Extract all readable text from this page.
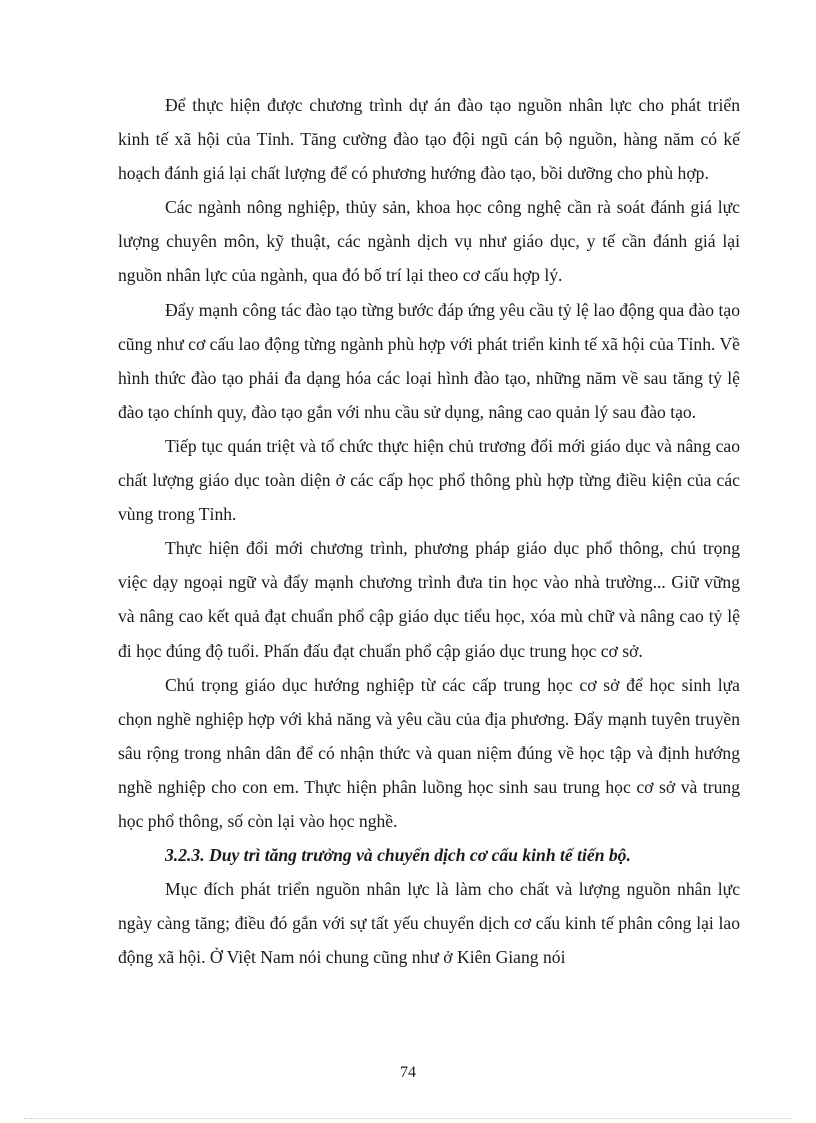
Để thực hiện được chương trình dự án đào tạo nguồn nhân lực cho phát triển kinh tế xã hội của Tỉnh. Tăng cường đào tạo đội ngũ cán bộ nguồn, hàng năm có kế hoạch đánh giá lại chất lượng để có phương hướng đào tạo, bồi dưỡng cho phù hợp.

Các ngành nông nghiệp, thủy sản, khoa học công nghệ cần rà soát đánh giá lực lượng chuyên môn, kỹ thuật, các ngành dịch vụ như giáo dục, y tế cần đánh giá lại nguồn nhân lực của ngành, qua đó bố trí lại theo cơ cấu hợp lý.

Đẩy mạnh công tác đào tạo từng bước đáp ứng yêu cầu tỷ lệ lao động qua đào tạo cũng như cơ cấu lao động từng ngành phù hợp với phát triển kinh tế xã hội của Tỉnh. Về hình thức đào tạo phải đa dạng hóa các loại hình đào tạo, những năm về sau tăng tỷ lệ đào tạo chính quy, đào tạo gắn với nhu cầu sử dụng, nâng cao quản lý sau đào tạo.

Tiếp tục quán triệt và tổ chức thực hiện chủ trương đổi mới giáo dục và nâng cao chất lượng giáo dục toàn diện ở các cấp học phổ thông phù hợp từng điều kiện của các vùng trong Tỉnh.

Thực hiện đổi mới chương trình, phương pháp giáo dục phổ thông, chú trọng việc dạy ngoại ngữ và đẩy mạnh chương trình đưa tin học vào nhà trường... Giữ vững và nâng cao kết quả đạt chuẩn phổ cập giáo dục tiểu học, xóa mù chữ và nâng cao tỷ lệ đi học đúng độ tuổi. Phấn đấu đạt chuẩn phổ cập giáo dục trung học cơ sở.

Chú trọng giáo dục hướng nghiệp từ các cấp trung học cơ sở để học sinh lựa chọn nghề nghiệp hợp với khả năng và yêu cầu của địa phương. Đẩy mạnh tuyên truyền sâu rộng trong nhân dân để có nhận thức và quan niệm đúng về học tập và định hướng nghề nghiệp cho con em. Thực hiện phân luồng học sinh sau trung học cơ sở và trung học phổ thông, số còn lại vào học nghề.

3.2.3. Duy trì tăng trưởng và chuyển dịch cơ cấu kinh tế tiến bộ.

Mục đích phát triển nguồn nhân lực là làm cho chất và lượng nguồn nhân lực ngày càng tăng; điều đó gắn với sự tất yếu chuyển dịch cơ cấu kinh tế phân công lại lao động xã hội. Ở Việt Nam nói chung cũng như ở Kiên Giang nói

74
